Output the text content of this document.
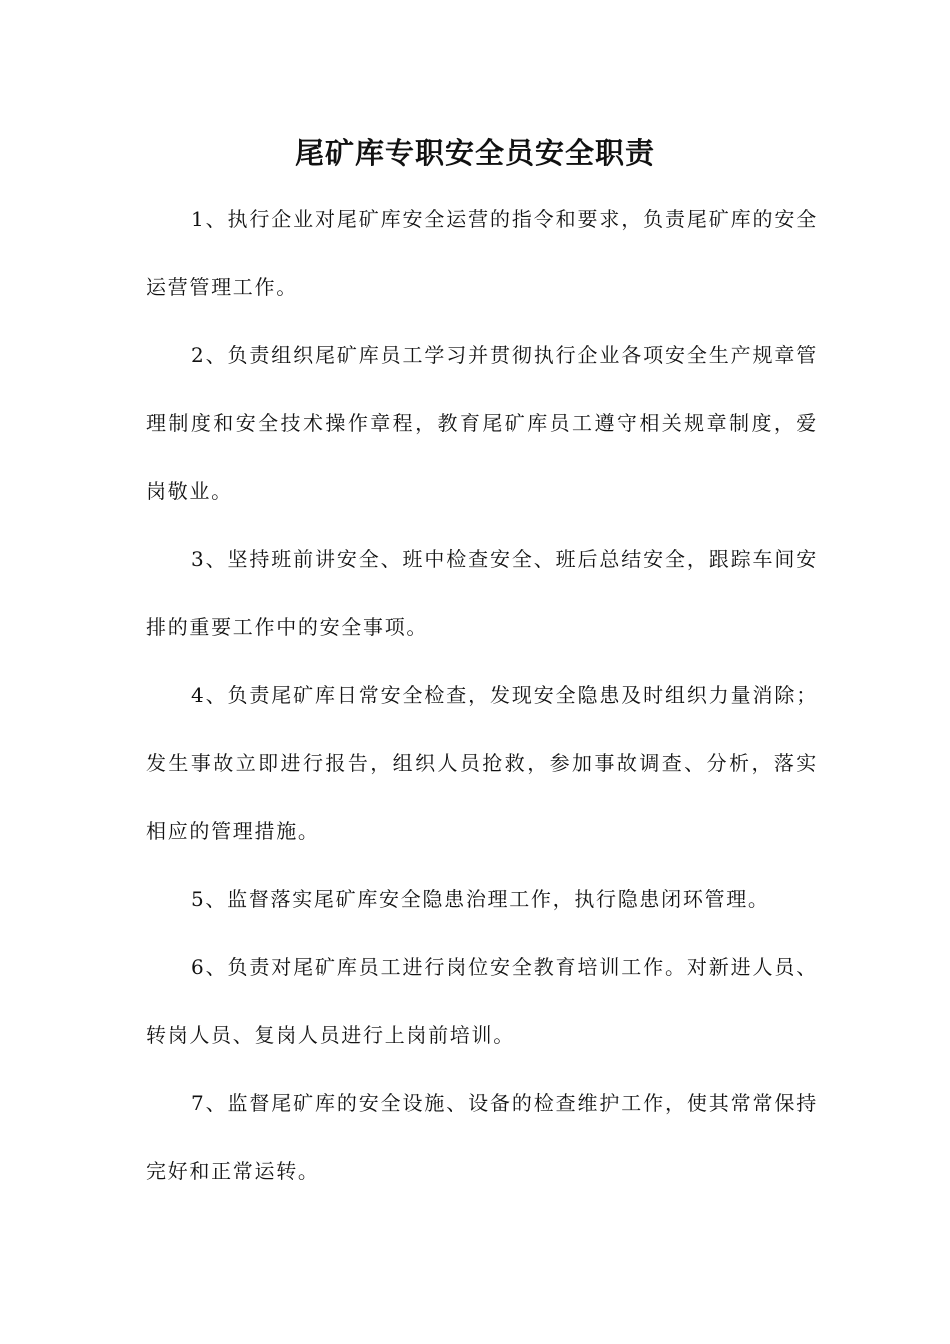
尾矿库专职安全员安全职责

1、执行企业对尾矿库安全运营的指令和要求，负责尾矿库的安全运营管理工作。

2、负责组织尾矿库员工学习并贯彻执行企业各项安全生产规章管理制度和安全技术操作章程，教育尾矿库员工遵守相关规章制度，爱岗敬业。

3、坚持班前讲安全、班中检查安全、班后总结安全，跟踪车间安排的重要工作中的安全事项。

4、负责尾矿库日常安全检查，发现安全隐患及时组织力量消除；发生事故立即进行报告，组织人员抢救，参加事故调查、分析，落实相应的管理措施。

5、监督落实尾矿库安全隐患治理工作，执行隐患闭环管理。

6、负责对尾矿库员工进行岗位安全教育培训工作。对新进人员、转岗人员、复岗人员进行上岗前培训。

7、监督尾矿库的安全设施、设备的检查维护工作，使其常常保持完好和正常运转。
